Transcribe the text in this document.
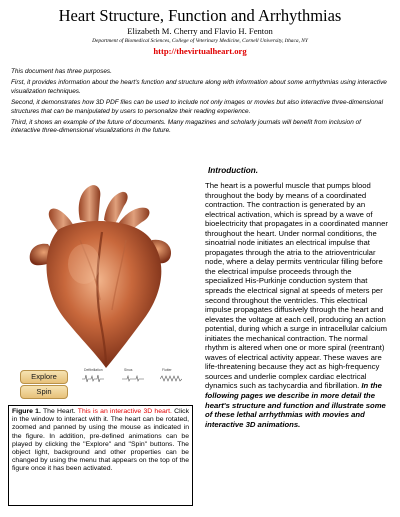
Heart Structure, Function and Arrhythmias
Elizabeth M. Cherry and Flavio H. Fenton
Department of Biomedical Sciences, College of Veterinary Medicine, Cornell University, Ithaca, NY
http://thevirtualheart.org

This document has three purposes.

First, it provides information about the heart's function and structure along with information about some arrhythmias using interactive visualization techniques.

Second, it demonstrates how 3D PDF files can be used to include not only images or movies but also interactive three-dimensional structures that can be manipulated by users to personalize their reading experience.

Third, it shows an example of the future of documents. Many magazines and scholarly journals will benefit from inclusion of interactive three-dimensional visualizations in the future.

Introduction.
The heart is a powerful muscle that pumps blood throughout the body by means of a coordinated contraction. The contraction is generated by an electrical activation, which is spread by a wave of bioelectricity that propagates in a coordinated manner throughout the heart. Under normal conditions, the sinoatrial node initiates an electrical impulse that propagates through the atria to the atrioventricular node, where a delay permits ventricular filling before the electrical impulse proceeds through the specialized His-Purkinje conduction system that spreads the electrical signal at speeds of meters per second throughout the ventricles. This electrical impulse propagates diffusively through the heart and elevates the voltage at each cell, producing an action potential, during which a surge in intracellular calcium initiates the mechanical contraction. The normal rhythm is altered when one or more spiral (reentrant) waves of electrical activity appear. These waves are life-threatening because they act as high-frequency sources and underlie complex cardiac electrical dynamics such as tachycardia and fibrillation. In the following pages we describe in more detail the heart's structure and function and illustrate some of these lethal arrhythmias with movies and interactive 3D animations.
Explore
Spin
Defibrillation	Sinus	Flutter
Figure 1. The Heart. This is an interactive 3D heart. Click in the window to interact with it. The heart can be rotated, zoomed and panned by using the mouse as indicated in the figure. In addition, pre-defined animations can be played by clicking the "Explore" and "Spin" buttons. The object light, background and other properties can be changed by using the menu that appears on the top of the figure once it has been activated.
